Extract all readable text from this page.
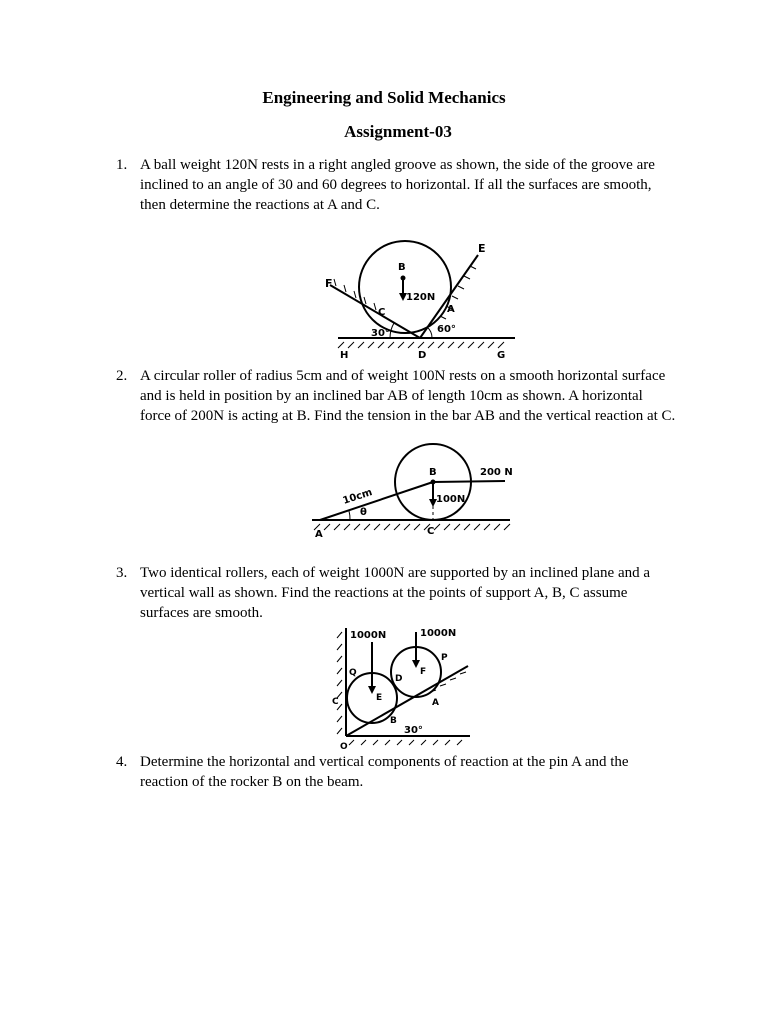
Engineering and Solid Mechanics
Assignment-03
1. A ball weight 120N rests in a right angled groove as shown, the side of the groove are inclined to an angle of 30 and 60 degrees to horizontal. If all the surfaces are smooth, then determine the reactions at A and C.
E
F
B
120N
C	A
30°	60°
H	D	G
2. A circular roller of radius 5cm and of weight 100N rests on a smooth horizontal surface and is held in position by an inclined bar AB of length 10cm as shown. A horizontal force of 200N is acting at B. Find the tension in the bar AB and the vertical reaction at C.
B	200 N
10cm
θ
100N
A	C
3. Two identical rollers, each of weight 1000N are supported by an inclined plane and a vertical wall as shown. Find the reactions at the points of support A, B, C assume surfaces are smooth.
1000N	1000N
Q
P
F
D
E
C	A
B
30°
O
4. Determine the horizontal and vertical components of reaction at the pin A and the reaction of the rocker B on the beam.
